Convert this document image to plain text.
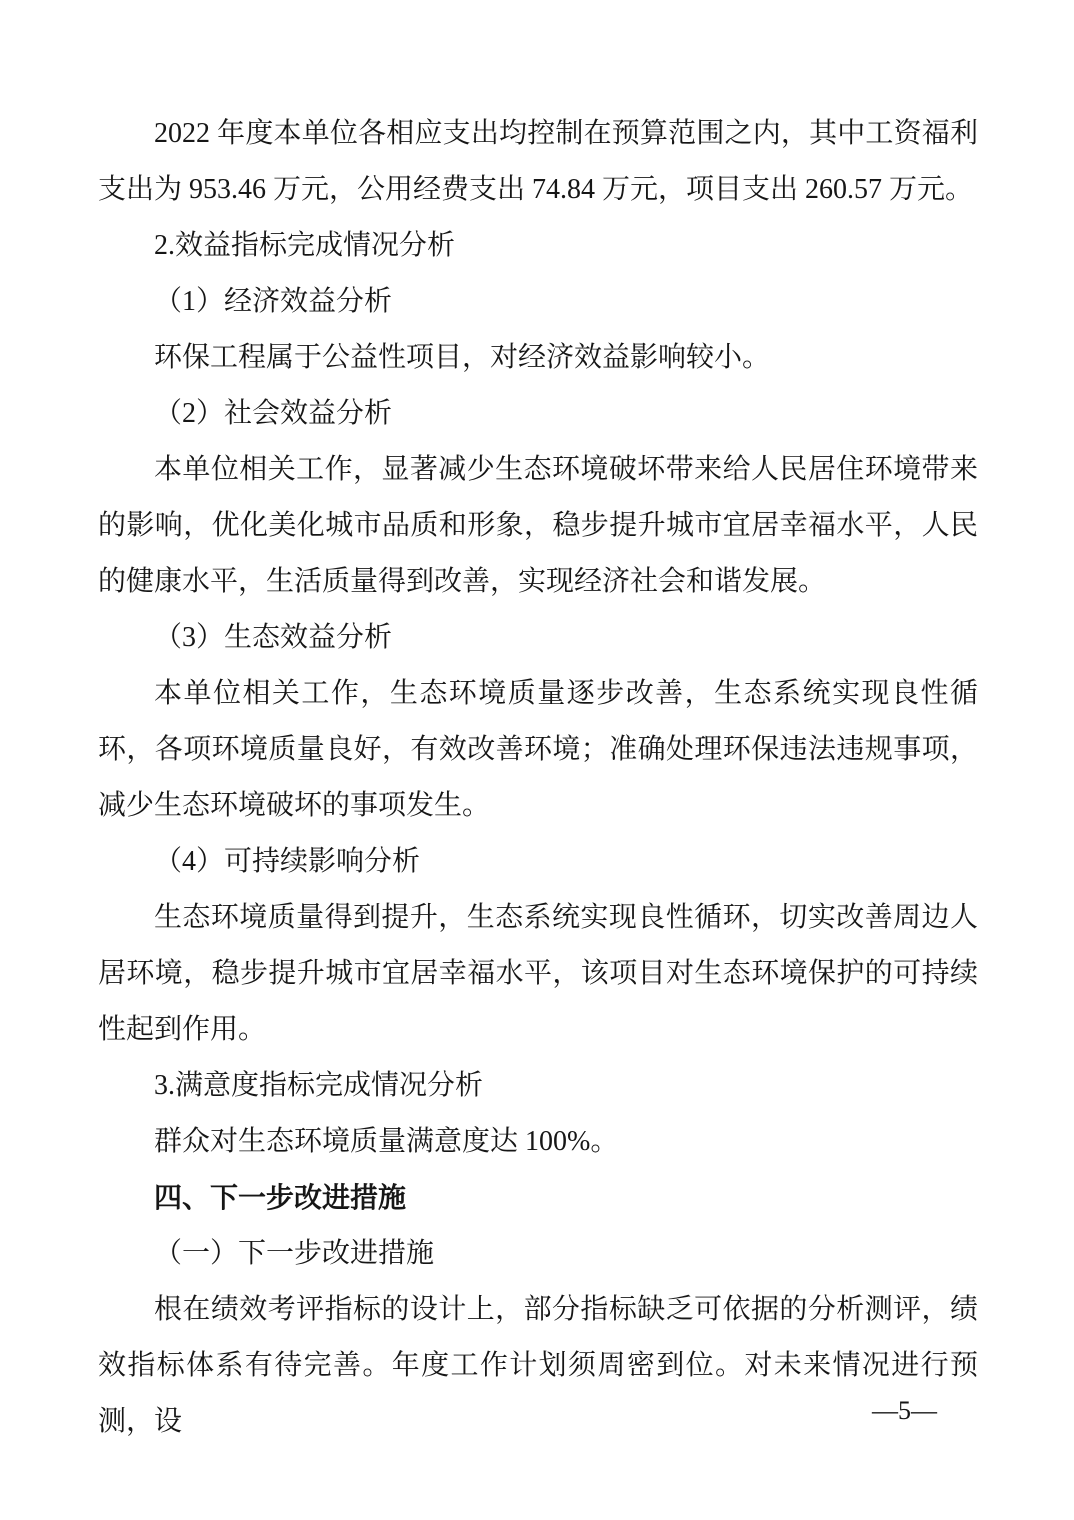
2022 年度本单位各相应支出均控制在预算范围之内，其中工资福利支出为 953.46 万元，公用经费支出 74.84 万元，项目支出 260.57 万元。

2.效益指标完成情况分析

（1）经济效益分析

环保工程属于公益性项目，对经济效益影响较小。

（2）社会效益分析

本单位相关工作，显著减少生态环境破坏带来给人民居住环境带来的影响，优化美化城市品质和形象，稳步提升城市宜居幸福水平，人民的健康水平，生活质量得到改善，实现经济社会和谐发展。

（3）生态效益分析

本单位相关工作，生态环境质量逐步改善，生态系统实现良性循环，各项环境质量良好，有效改善环境；准确处理环保违法违规事项，减少生态环境破坏的事项发生。

（4）可持续影响分析

生态环境质量得到提升，生态系统实现良性循环，切实改善周边人居环境，稳步提升城市宜居幸福水平，该项目对生态环境保护的可持续性起到作用。

3.满意度指标完成情况分析

群众对生态环境质量满意度达 100%。

四、下一步改进措施

（一）下一步改进措施

根在绩效考评指标的设计上，部分指标缺乏可依据的分析测评，绩效指标体系有待完善。年度工作计划须周密到位。对未来情况进行预测，设	—5—
